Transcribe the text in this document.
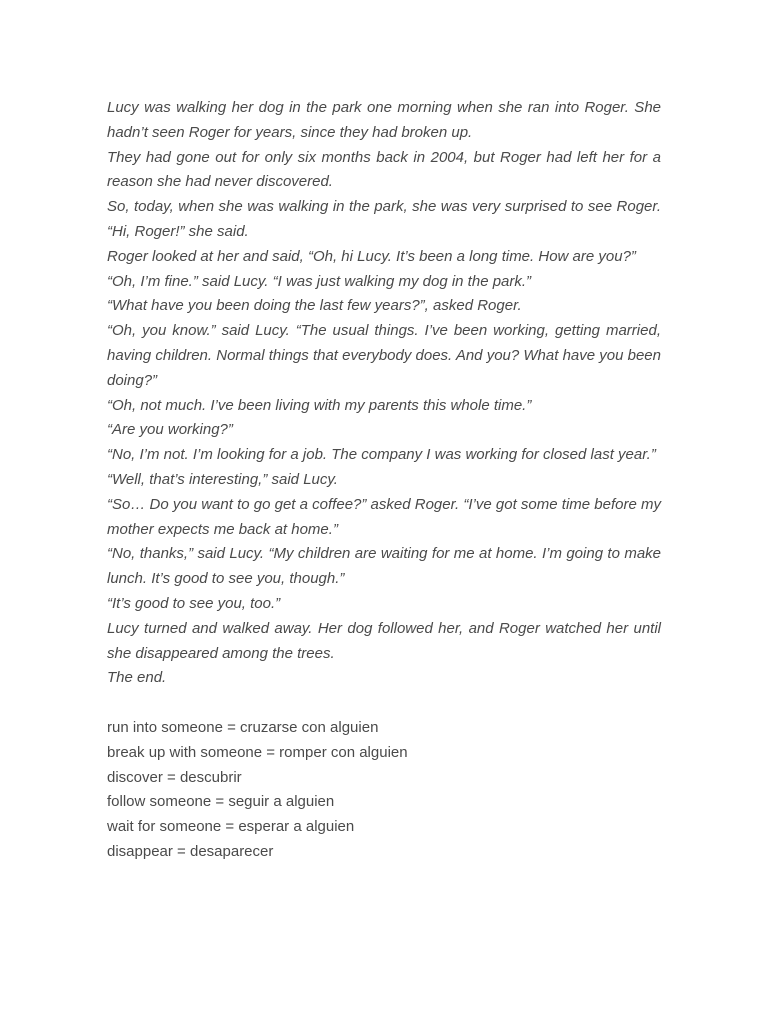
Lucy was walking her dog in the park one morning when she ran into Roger. She hadn’t seen Roger for years, since they had broken up.

They had gone out for only six months back in 2004, but Roger had left her for a reason she had never discovered.

So, today, when she was walking in the park, she was very surprised to see Roger. “Hi, Roger!” she said.

Roger looked at her and said, “Oh, hi Lucy. It’s been a long time. How are you?”

“Oh, I’m fine.” said Lucy. “I was just walking my dog in the park.”

“What have you been doing the last few years?”, asked Roger.

“Oh, you know.” said Lucy. “The usual things. I’ve been working, getting married, having children. Normal things that everybody does. And you? What have you been doing?”

“Oh, not much. I’ve been living with my parents this whole time.”

“Are you working?”

“No, I’m not. I’m looking for a job. The company I was working for closed last year.”

“Well, that’s interesting,” said Lucy.

“So… Do you want to go get a coffee?” asked Roger. “I’ve got some time before my mother expects me back at home.”

“No, thanks,” said Lucy. “My children are waiting for me at home. I’m going to make lunch. It’s good to see you, though.”

“It’s good to see you, too.”

Lucy turned and walked away. Her dog followed her, and Roger watched her until she disappeared among the trees.

The end.

run into someone = cruzarse con alguien

break up with someone = romper con alguien

discover = descubrir

follow someone = seguir a alguien

wait for someone = esperar a alguien

disappear = desaparecer
